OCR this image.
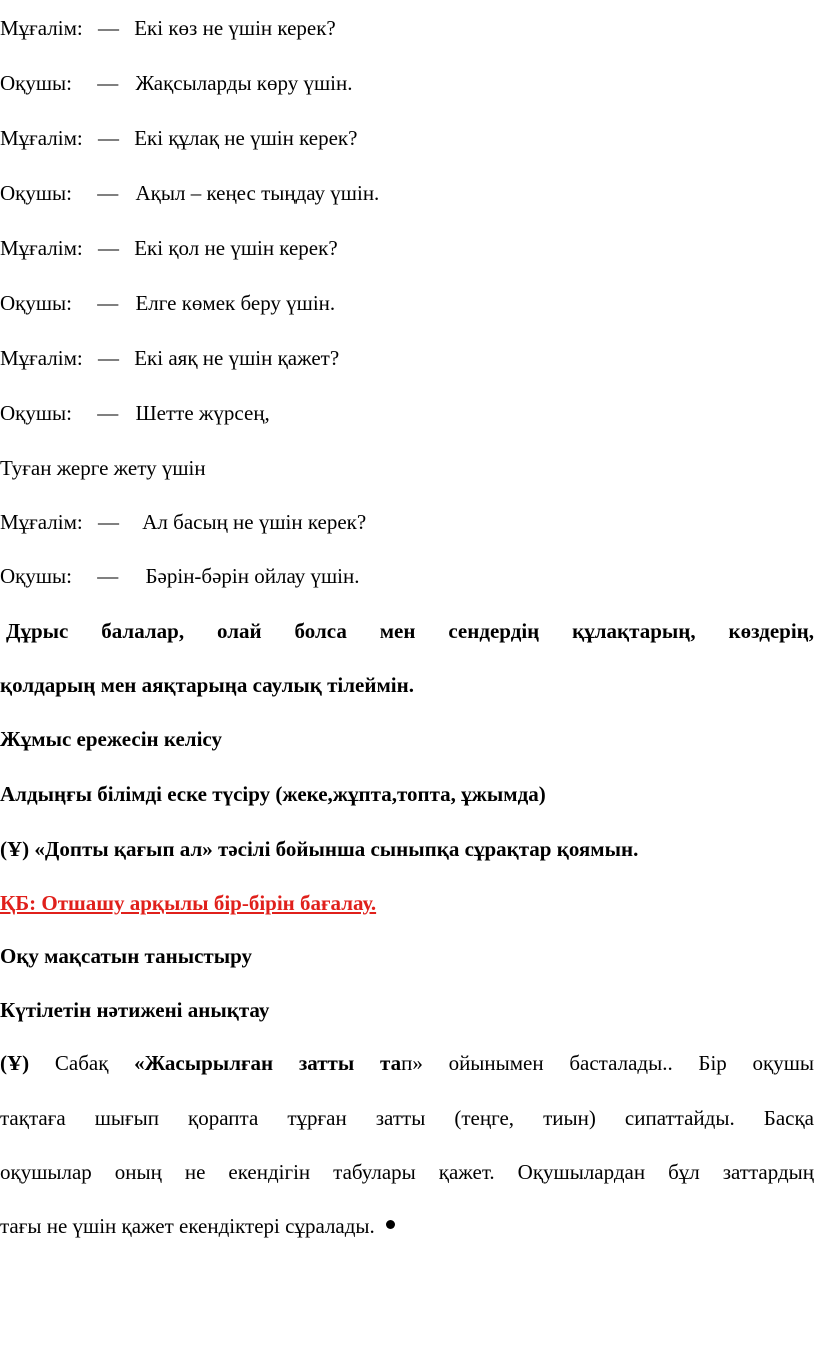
Мұғалім: — Екі көз не үшін керек?
Оқушы: — Жақсыларды көру үшін.
Мұғалім: — Екі құлақ не үшін керек?
Оқушы: — Ақыл – кеңес тыңдау үшін.
Мұғалім: — Екі қол не үшін керек?
Оқушы: — Елге көмек беру үшін.
Мұғалім: — Екі аяқ не үшін қажет?
Оқушы: — Шетте жүрсең,
Туған жерге жету үшін
Мұғалім: — Ал басың не үшін керек?
Оқушы: — Бәрін-бәрін ойлау үшін.
Дұрыс балалар, олай болса мен сендердің құлақтарың, көздерің,
қолдарың мен аяқтарыңа саулық тілеймін.
Жұмыс ережесін келісу
Алдыңғы білімді еске түсіру (жеке,жұпта,топта, ұжымда)
(Ұ) «Допты қағып ал» тәсілі бойынша сыныпқа сұрақтар қоямын.
ҚБ: Отшашу арқылы бір-бірін бағалау.
Оқу мақсатын таныстыру
Күтілетін нәтижені анықтау
(Ұ) Сабақ «Жасырылған затты тап» ойынымен басталады.. Бір оқушы
тақтаға шығып қорапта тұрған затты (теңге, тиын) сипаттайды. Басқа
оқушылар оның не екендігін табулары қажет. Оқушылардан бұл заттардың
тағы не үшін қажет екендіктері сұралады.
